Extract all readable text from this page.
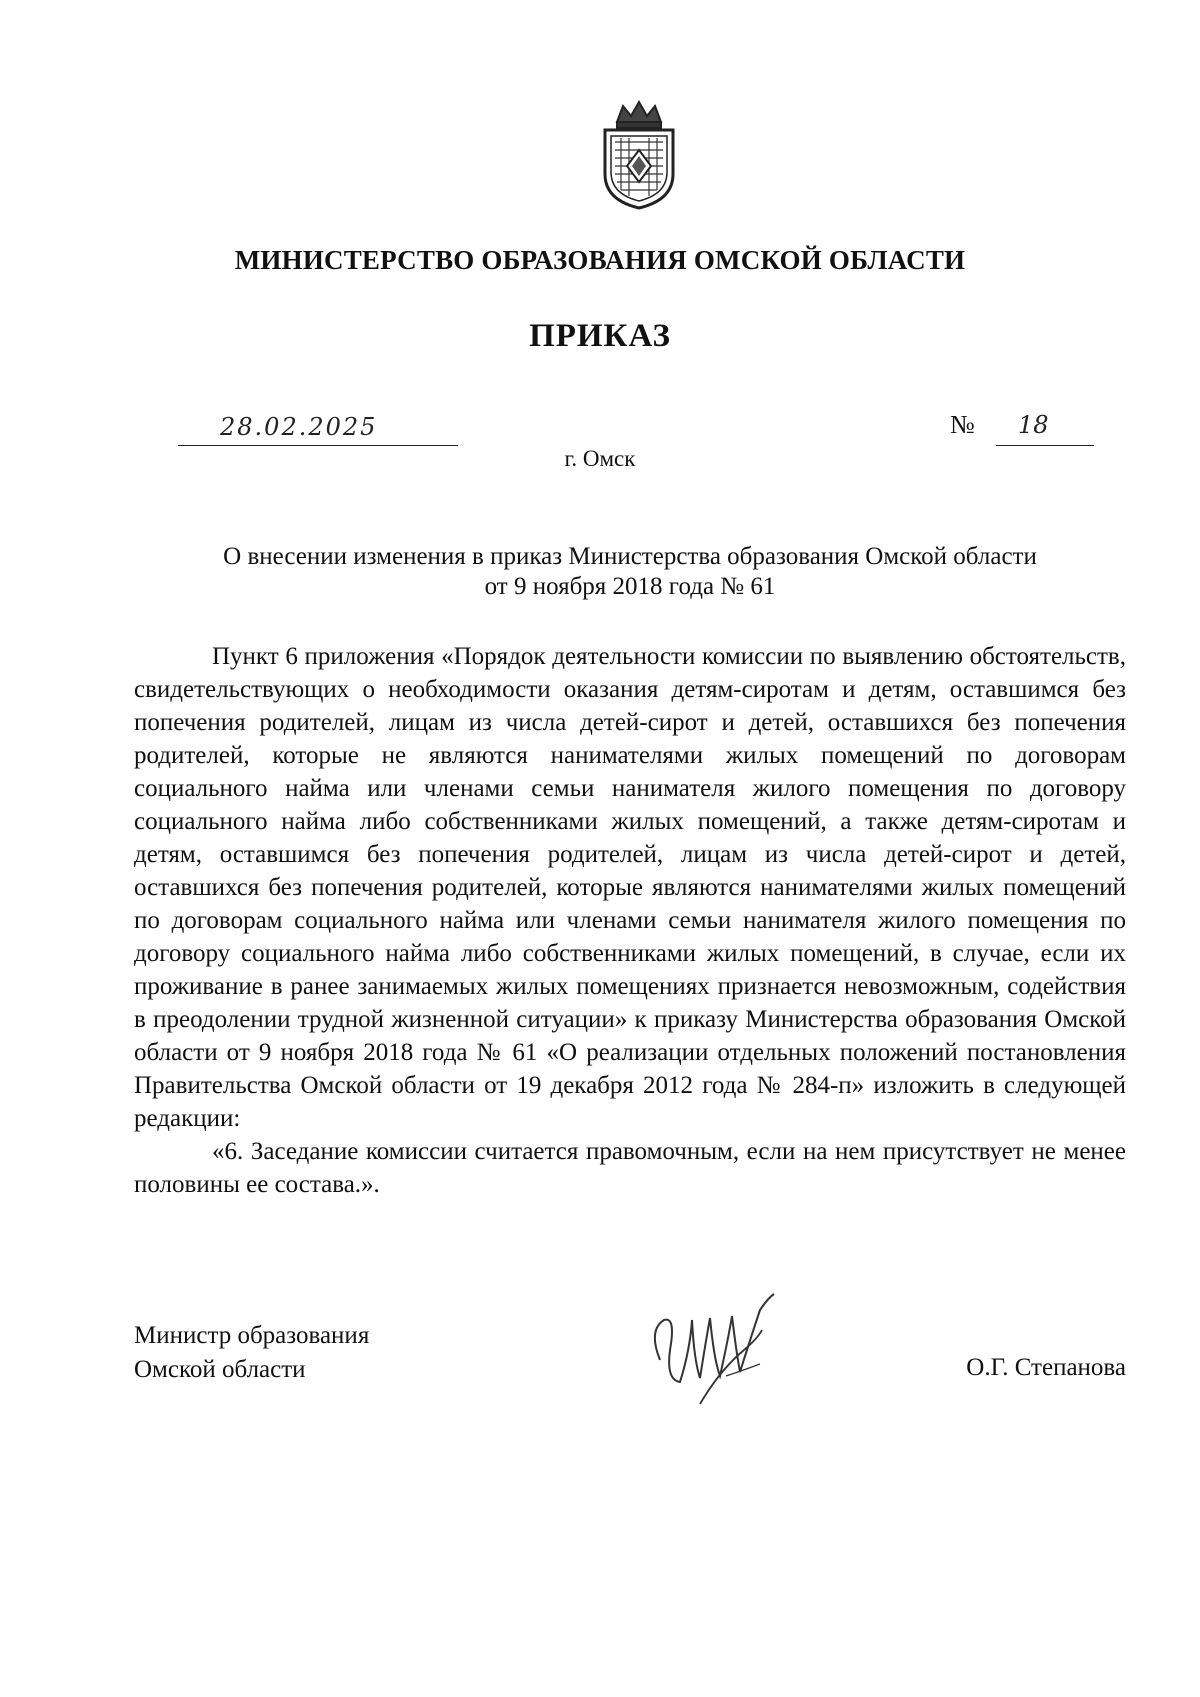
МИНИСТЕРСТВО ОБРАЗОВАНИЯ ОМСКОЙ ОБЛАСТИ
ПРИКАЗ
28.02.2025	№ 18
г. Омск
О внесении изменения в приказ Министерства образования Омской области
от 9 ноября 2018 года № 61

Пункт 6 приложения «Порядок деятельности комиссии по выявлению обстоятельств, свидетельствующих о необходимости оказания детям-сиротам и детям, оставшимся без попечения родителей, лицам из числа детей-сирот и детей, оставшихся без попечения родителей, которые не являются нанимателями жилых помещений по договорам социального найма или членами семьи нанимателя жилого помещения по договору социального найма либо собственниками жилых помещений, а также детям-сиротам и детям, оставшимся без попечения родителей, лицам из числа детей-сирот и детей, оставшихся без попечения родителей, которые являются нанимателями жилых помещений по договорам социального найма или членами семьи нанимателя жилого помещения по договору социального найма либо собственниками жилых помещений, в случае, если их проживание в ранее занимаемых жилых помещениях признается невозможным, содействия в преодолении трудной жизненной ситуации» к приказу Министерства образования Омской области от 9 ноября 2018 года № 61 «О реализации отдельных положений постановления Правительства Омской области от 19 декабря 2012 года № 284-п» изложить в следующей редакции:

«6. Заседание комиссии считается правомочным, если на нем присутствует не менее половины ее состава.».

Министр образования
Омской области	О.Г. Степанова
